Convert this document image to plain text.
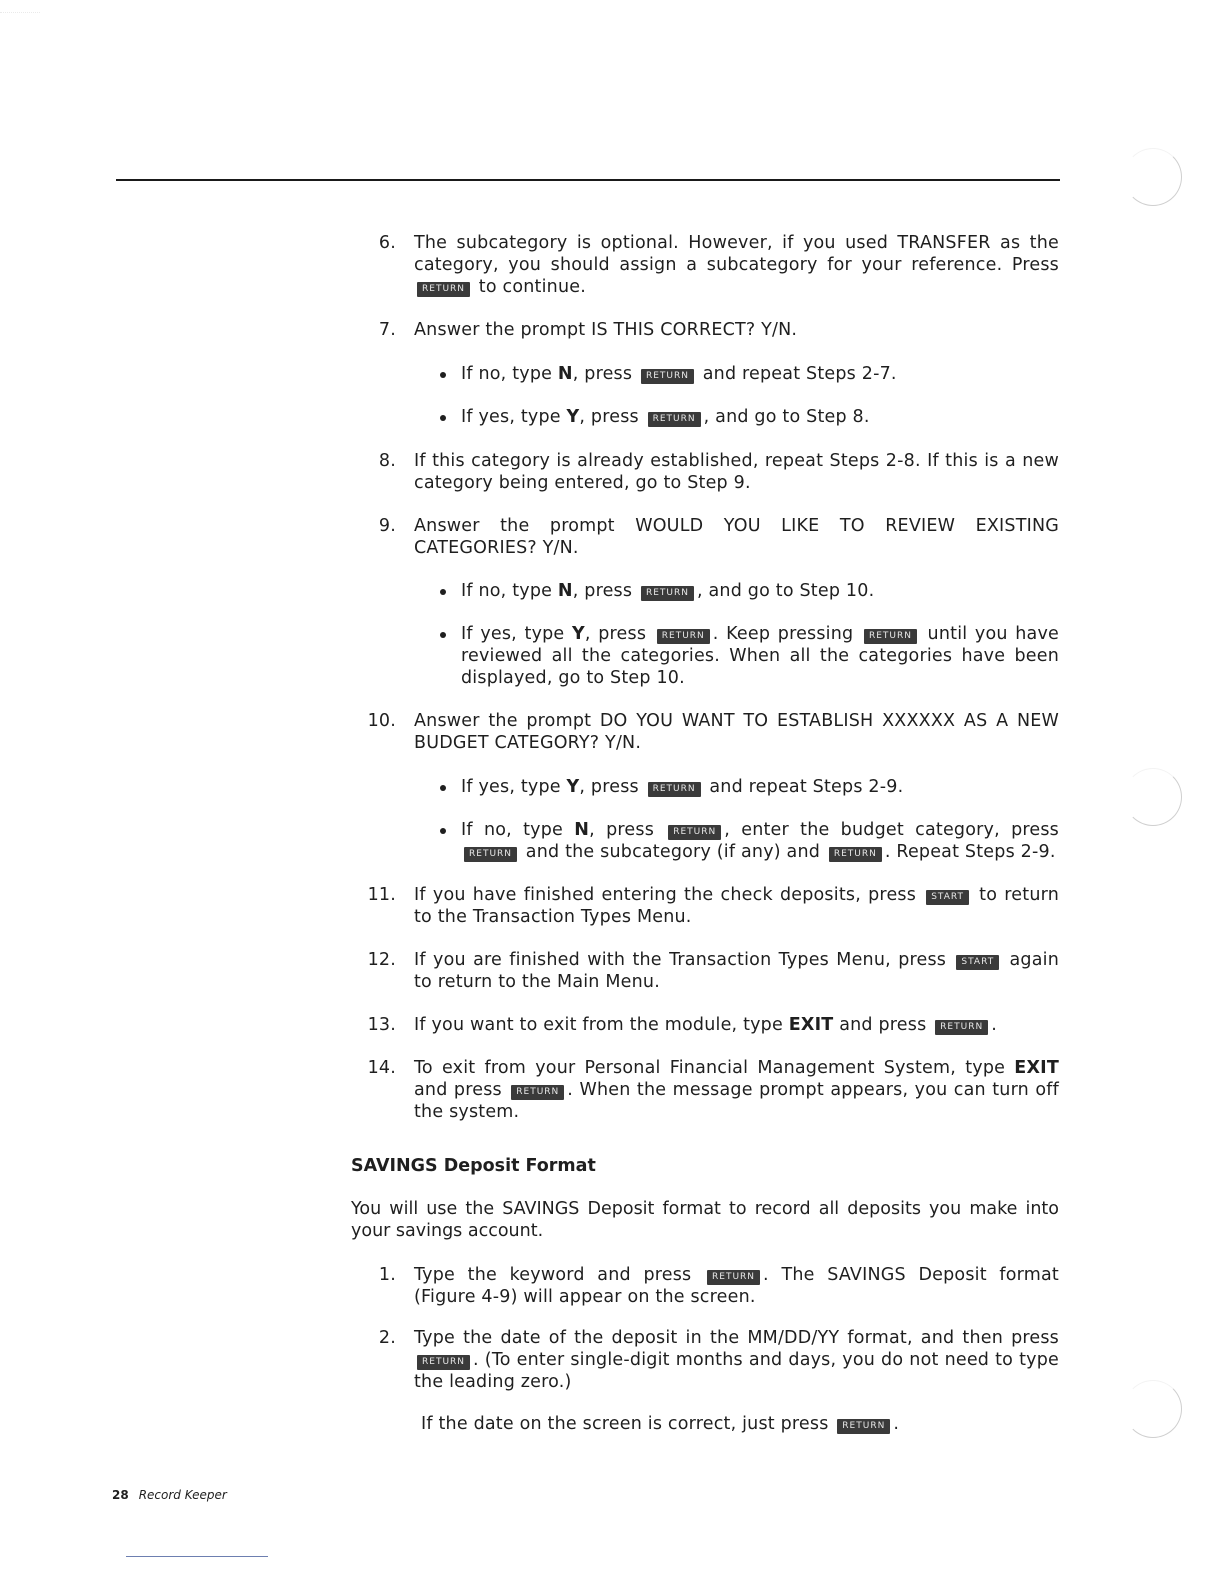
6. The subcategory is optional. However, if you used TRANSFER as the category, you should assign a subcategory for your reference. Press RETURN to continue.
7. Answer the prompt IS THIS CORRECT? Y/N.
If no, type N, press RETURN and repeat Steps 2-7.
If yes, type Y, press RETURN , and go to Step 8.
8. If this category is already established, repeat Steps 2-8. If this is a new category being entered, go to Step 9.
9. Answer the prompt WOULD YOU LIKE TO REVIEW EXISTING CATEGORIES? Y/N.
If no, type N, press RETURN , and go to Step 10.
If yes, type Y, press RETURN . Keep pressing RETURN until you have reviewed all the categories. When all the categories have been displayed, go to Step 10.
10. Answer the prompt DO YOU WANT TO ESTABLISH XXXXXX AS A NEW BUDGET CATEGORY? Y/N.
If yes, type Y, press RETURN and repeat Steps 2-9.
If no, type N, press RETURN , enter the budget category, press RETURN and the subcategory (if any) and RETURN . Repeat Steps 2-9.
11. If you have finished entering the check deposits, press START to return to the Transaction Types Menu.
12. If you are finished with the Transaction Types Menu, press START again to return to the Main Menu.
13. If you want to exit from the module, type EXIT and press RETURN .
14. To exit from your Personal Financial Management System, type EXIT and press RETURN . When the message prompt appears, you can turn off the system.
SAVINGS Deposit Format
You will use the SAVINGS Deposit format to record all deposits you make into your savings account.
1. Type the keyword and press RETURN . The SAVINGS Deposit format (Figure 4-9) will appear on the screen.
2. Type the date of the deposit in the MM/DD/YY format, and then press RETURN . (To enter single-digit months and days, you do not need to type the leading zero.)
If the date on the screen is correct, just press RETURN .
28 Record Keeper
